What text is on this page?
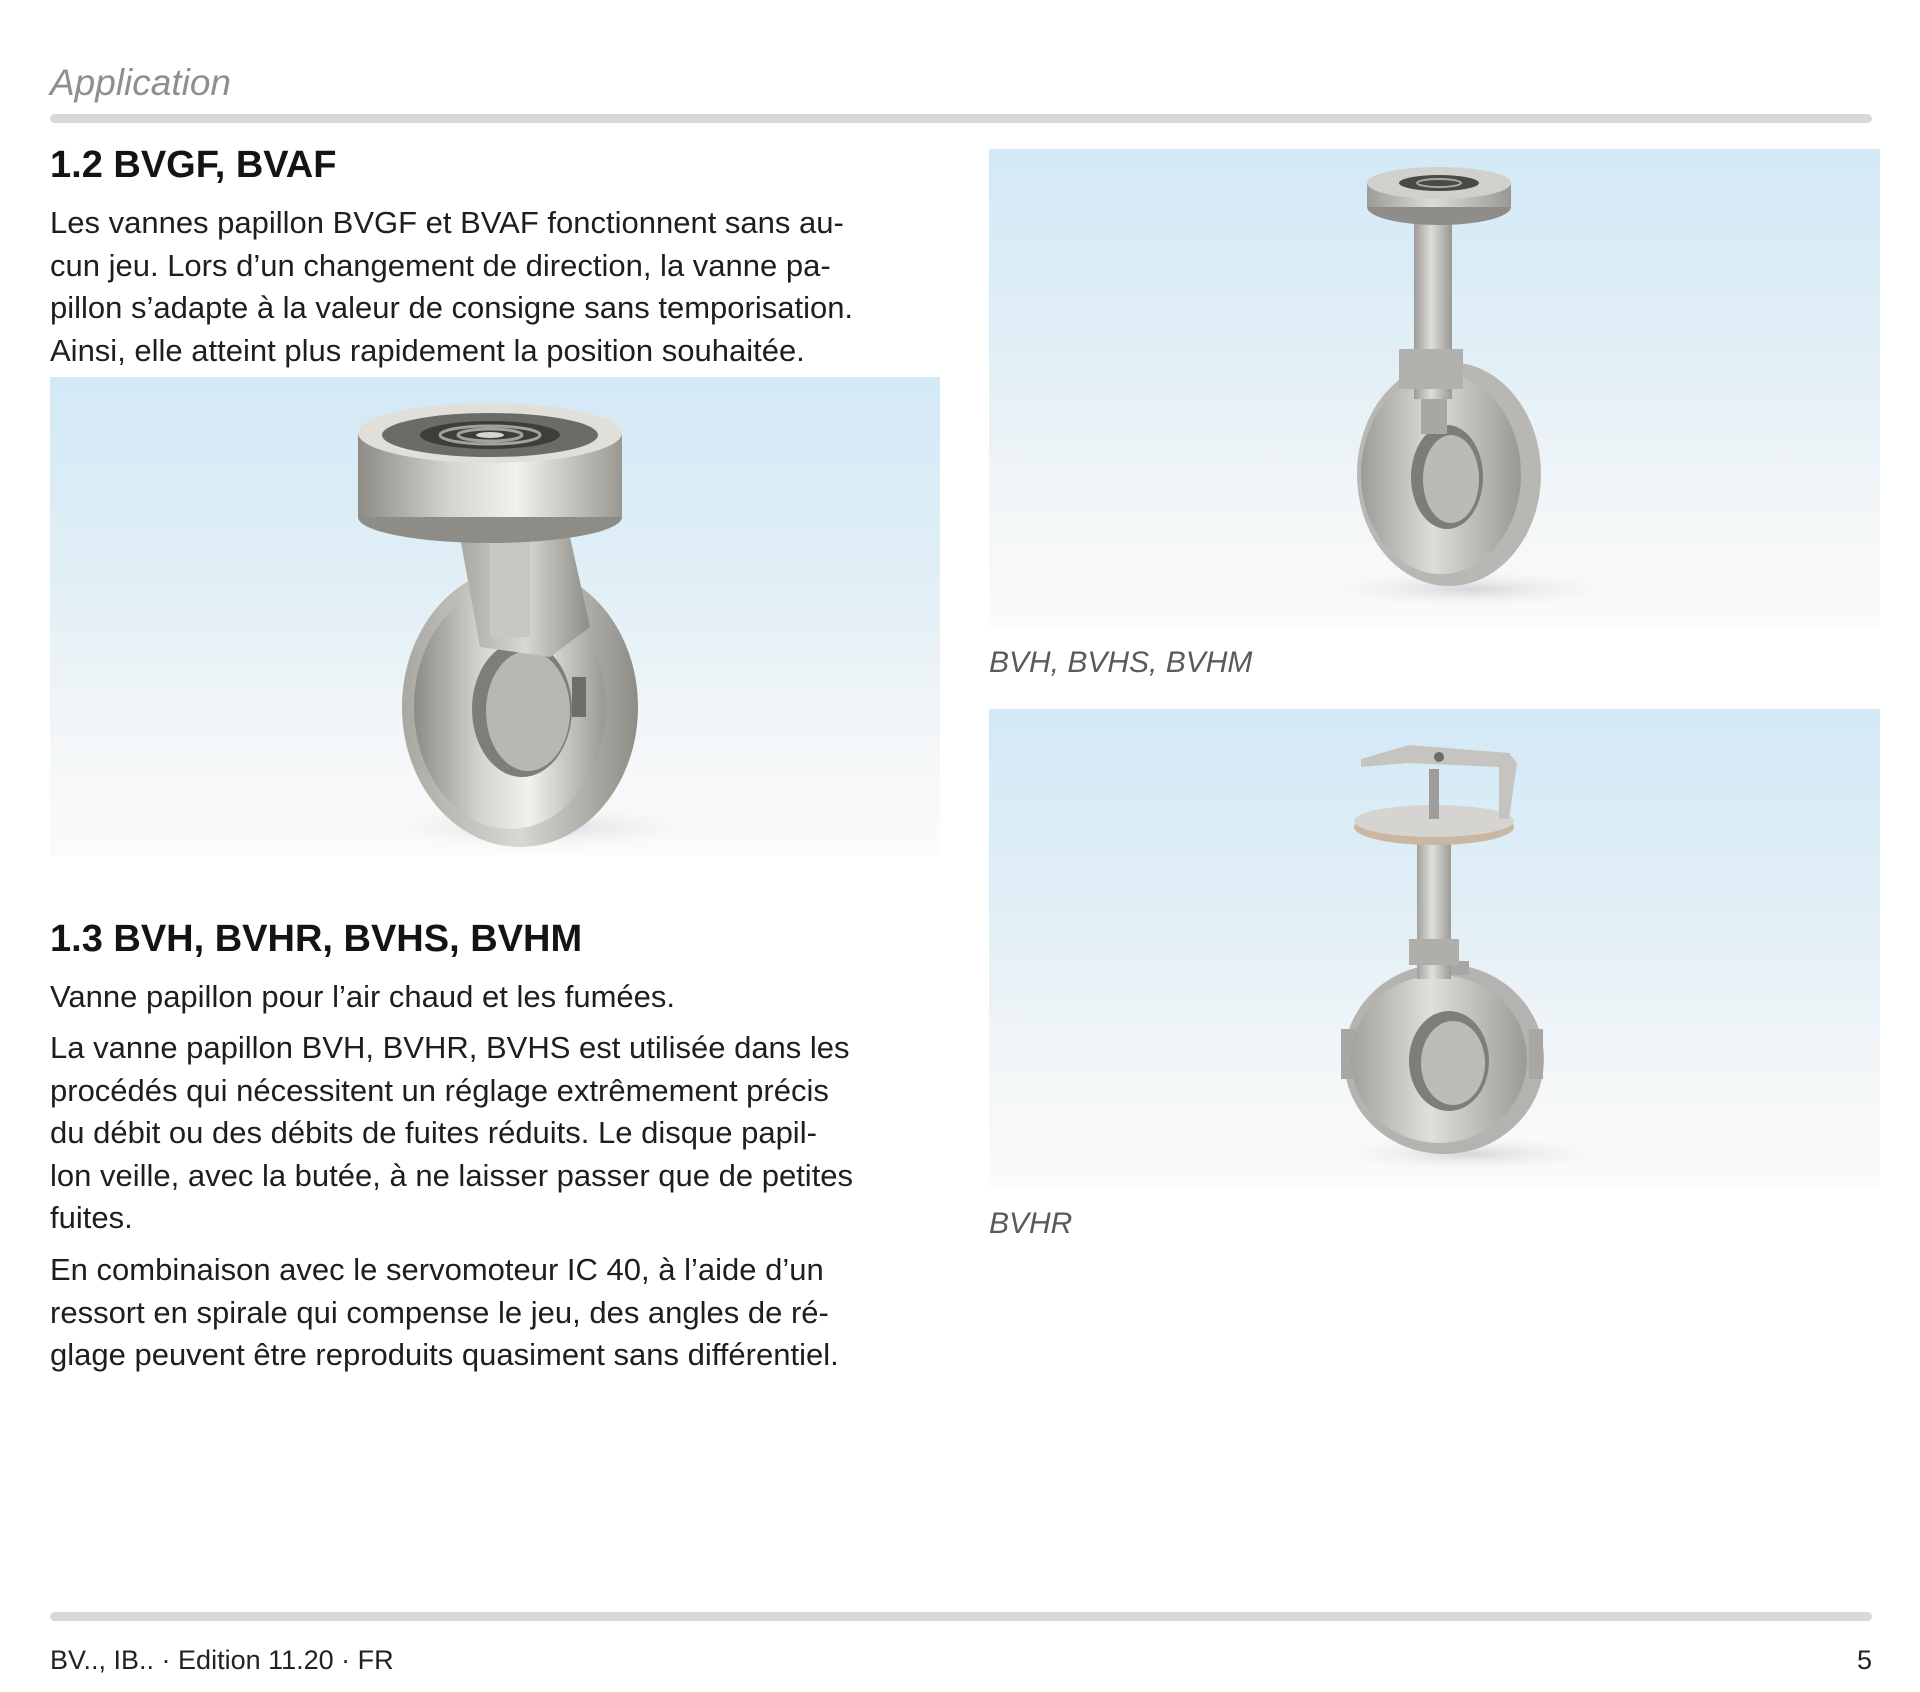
Application
1.2 BVGF, BVAF

Les vannes papillon BVGF et BVAF fonctionnent sans au-
cun jeu. Lors d’un changement de direction, la vanne pa-
pillon s’adapte à la valeur de consigne sans temporisation.
Ainsi, elle atteint plus rapidement la position souhaitée.

1.3 BVH, BVHR, BVHS, BVHM

Vanne papillon pour l’air chaud et les fumées.

La vanne papillon BVH, BVHR, BVHS est utilisée dans les
procédés qui nécessitent un réglage extrêmement précis
du débit ou des débits de fuites réduits. Le disque papil-
lon veille, avec la butée, à ne laisser passer que de petites
fuites.

En combinaison avec le servomoteur IC 40, à l’aide d’un
ressort en spirale qui compense le jeu, des angles de ré-
glage peuvent être reproduits quasiment sans différentiel.

BVH, BVHS, BVHM
BVHR
BV.., IB.. · Edition 11.20 · FR	5
